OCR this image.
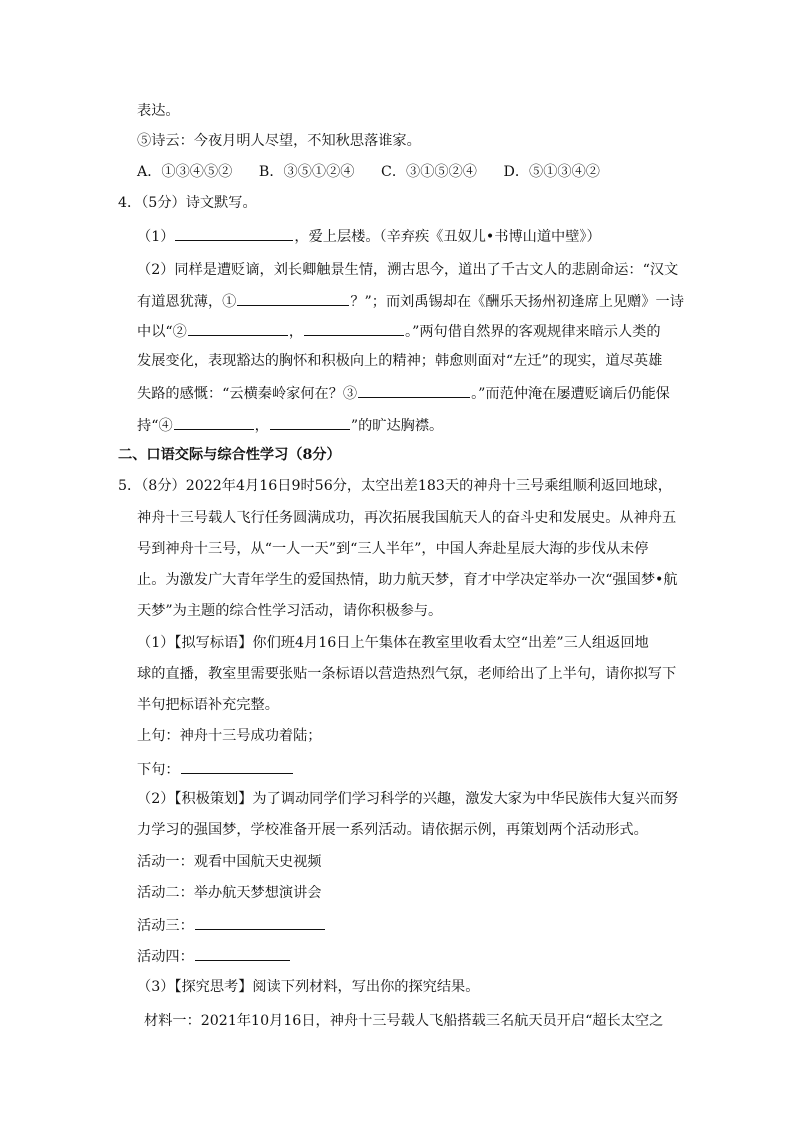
表达。
⑤诗云：今夜月明人尽望，不知秋思落谁家。
A．①③④⑤② B．③⑤①②④ C．③①⑤②④ D．⑤①③④②
4．（5分）诗文默写。
（1）	，爱上层楼。（辛弃疾《丑奴儿•书博山道中壁》）
（2）同样是遭贬谪，刘长卿触景生情，溯古思今，道出了千古文人的悲剧命运：“汉文
有道恩犹薄，①	？”；而刘禹锡却在《酬乐天扬州初逢席上见赠》一诗
中以“②	，	。”两句借自然界的客观规律来暗示人类的
发展变化，表现豁达的胸怀和积极向上的精神；韩愈则面对“左迁”的现实，道尽英雄
失路的感慨：“云横秦岭家何在？③	。”而范仲淹在屡遭贬谪后仍能保
持“④	，	”的旷达胸襟。
二、口语交际与综合性学习（8分）
5．（8分）2022年4月16日9时56分，太空出差183天的神舟十三号乘组顺利返回地球，
神舟十三号载人飞行任务圆满成功，再次拓展我国航天人的奋斗史和发展史。从神舟五
号到神舟十三号，从“一人一天”到“三人半年”，中国人奔赴星辰大海的步伐从未停
止。为激发广大青年学生的爱国热情，助力航天梦，育才中学决定举办一次“强国梦•航
天梦”为主题的综合性学习活动，请你积极参与。
（1）【拟写标语】你们班4月16日上午集体在教室里收看太空“出差”三人组返回地
球的直播，教室里需要张贴一条标语以营造热烈气氛，老师给出了上半句，请你拟写下
半句把标语补充完整。
上句：神舟十三号成功着陆；
下句：
（2）【积极策划】为了调动同学们学习科学的兴趣，激发大家为中华民族伟大复兴而努
力学习的强国梦，学校准备开展一系列活动。请依据示例，再策划两个活动形式。
活动一：观看中国航天史视频
活动二：举办航天梦想演讲会
活动三：
活动四：
（3）【探究思考】阅读下列材料，写出你的探究结果。
材料一：2021年10月16日，神舟十三号载人飞船搭载三名航天员开启“超长太空之
